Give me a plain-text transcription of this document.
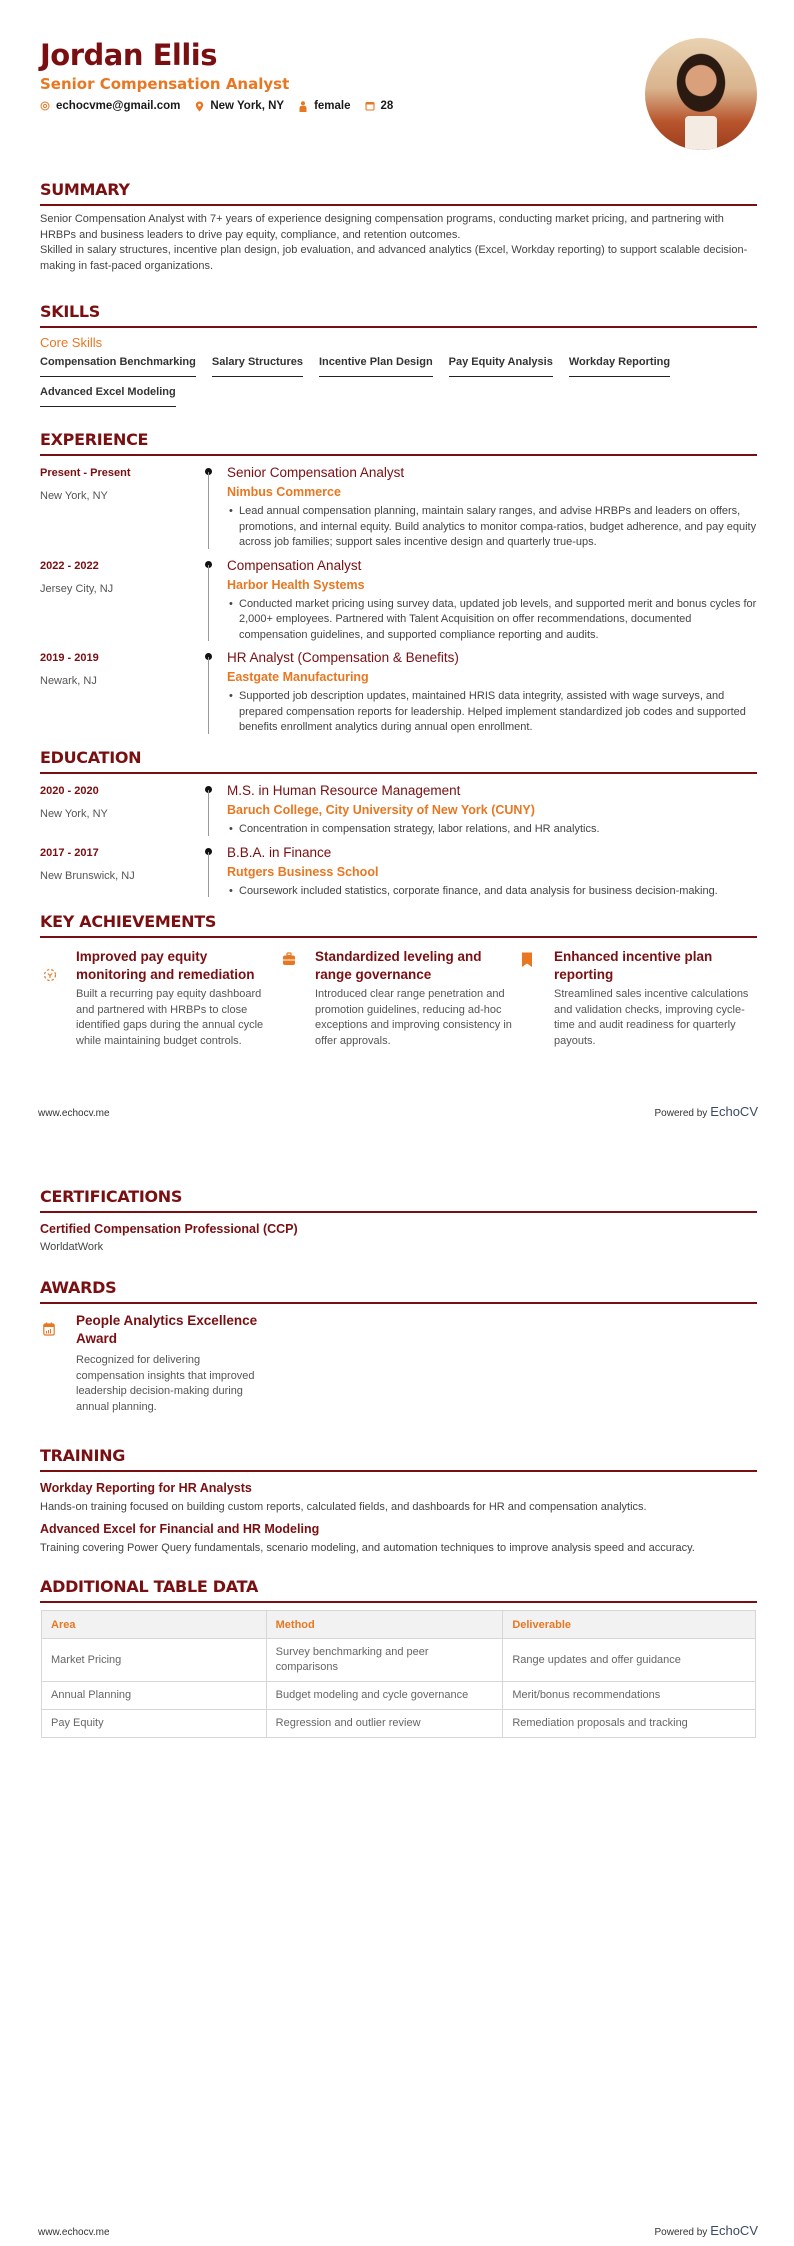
Jordan Ellis
Senior Compensation Analyst
echocvme@gmail.com	New York, NY	female	28
SUMMARY

Senior Compensation Analyst with 7+ years of experience designing compensation programs, conducting market pricing, and partnering with HRBPs and business leaders to drive pay equity, compliance, and retention outcomes.

Skilled in salary structures, incentive plan design, job evaluation, and advanced analytics (Excel, Workday reporting) to support scalable decision-making in fast-paced organizations.

SKILLS
Core Skills
Compensation Benchmarking Salary Structures Incentive Plan Design Pay Equity Analysis Workday Reporting
Advanced Excel Modeling
EXPERIENCE
Present - Present
New York, NY
Senior Compensation Analyst
Nimbus Commerce
• Lead annual compensation planning, maintain salary ranges, and advise HRBPs and leaders on offers, promotions, and internal equity. Build analytics to monitor compa-ratios, budget adherence, and pay equity across job families; support sales incentive design and quarterly true-ups.
2022 - 2022
Jersey City, NJ
Compensation Analyst
Harbor Health Systems
• Conducted market pricing using survey data, updated job levels, and supported merit and bonus cycles for 2,000+ employees. Partnered with Talent Acquisition on offer recommendations, documented compensation guidelines, and supported compliance reporting and audits.
2019 - 2019
Newark, NJ
HR Analyst (Compensation & Benefits)
Eastgate Manufacturing
• Supported job description updates, maintained HRIS data integrity, assisted with wage surveys, and prepared compensation reports for leadership. Helped implement standardized job codes and supported benefits enrollment analytics during annual open enrollment.
EDUCATION
2020 - 2020
New York, NY
M.S. in Human Resource Management
Baruch College, City University of New York (CUNY)
• Concentration in compensation strategy, labor relations, and HR analytics.
2017 - 2017
New Brunswick, NJ
B.B.A. in Finance
Rutgers Business School
• Coursework included statistics, corporate finance, and data analysis for business decision-making.
KEY ACHIEVEMENTS
Improved pay equity monitoring and remediation
Built a recurring pay equity dashboard and partnered with HRBPs to close identified gaps during the annual cycle while maintaining budget controls.
Standardized leveling and range governance
Introduced clear range penetration and promotion guidelines, reducing ad-hoc exceptions and improving consistency in offer approvals.
Enhanced incentive plan reporting
Streamlined sales incentive calculations and validation checks, improving cycle-time and audit readiness for quarterly payouts.
www.echocv.me	Powered by EchoCV
CERTIFICATIONS
Certified Compensation Professional (CCP)
WorldatWork
AWARDS
People Analytics Excellence Award
Recognized for delivering compensation insights that improved leadership decision-making during annual planning.
TRAINING
Workday Reporting for HR Analysts
Hands-on training focused on building custom reports, calculated fields, and dashboards for HR and compensation analytics.
Advanced Excel for Financial and HR Modeling
Training covering Power Query fundamentals, scenario modeling, and automation techniques to improve analysis speed and accuracy.
ADDITIONAL TABLE DATA
Area	Method	Deliverable
Market Pricing	Survey benchmarking and peer comparisons	Range updates and offer guidance
Annual Planning	Budget modeling and cycle governance	Merit/bonus recommendations
Pay Equity	Regression and outlier review	Remediation proposals and tracking
www.echocv.me	Powered by EchoCV
